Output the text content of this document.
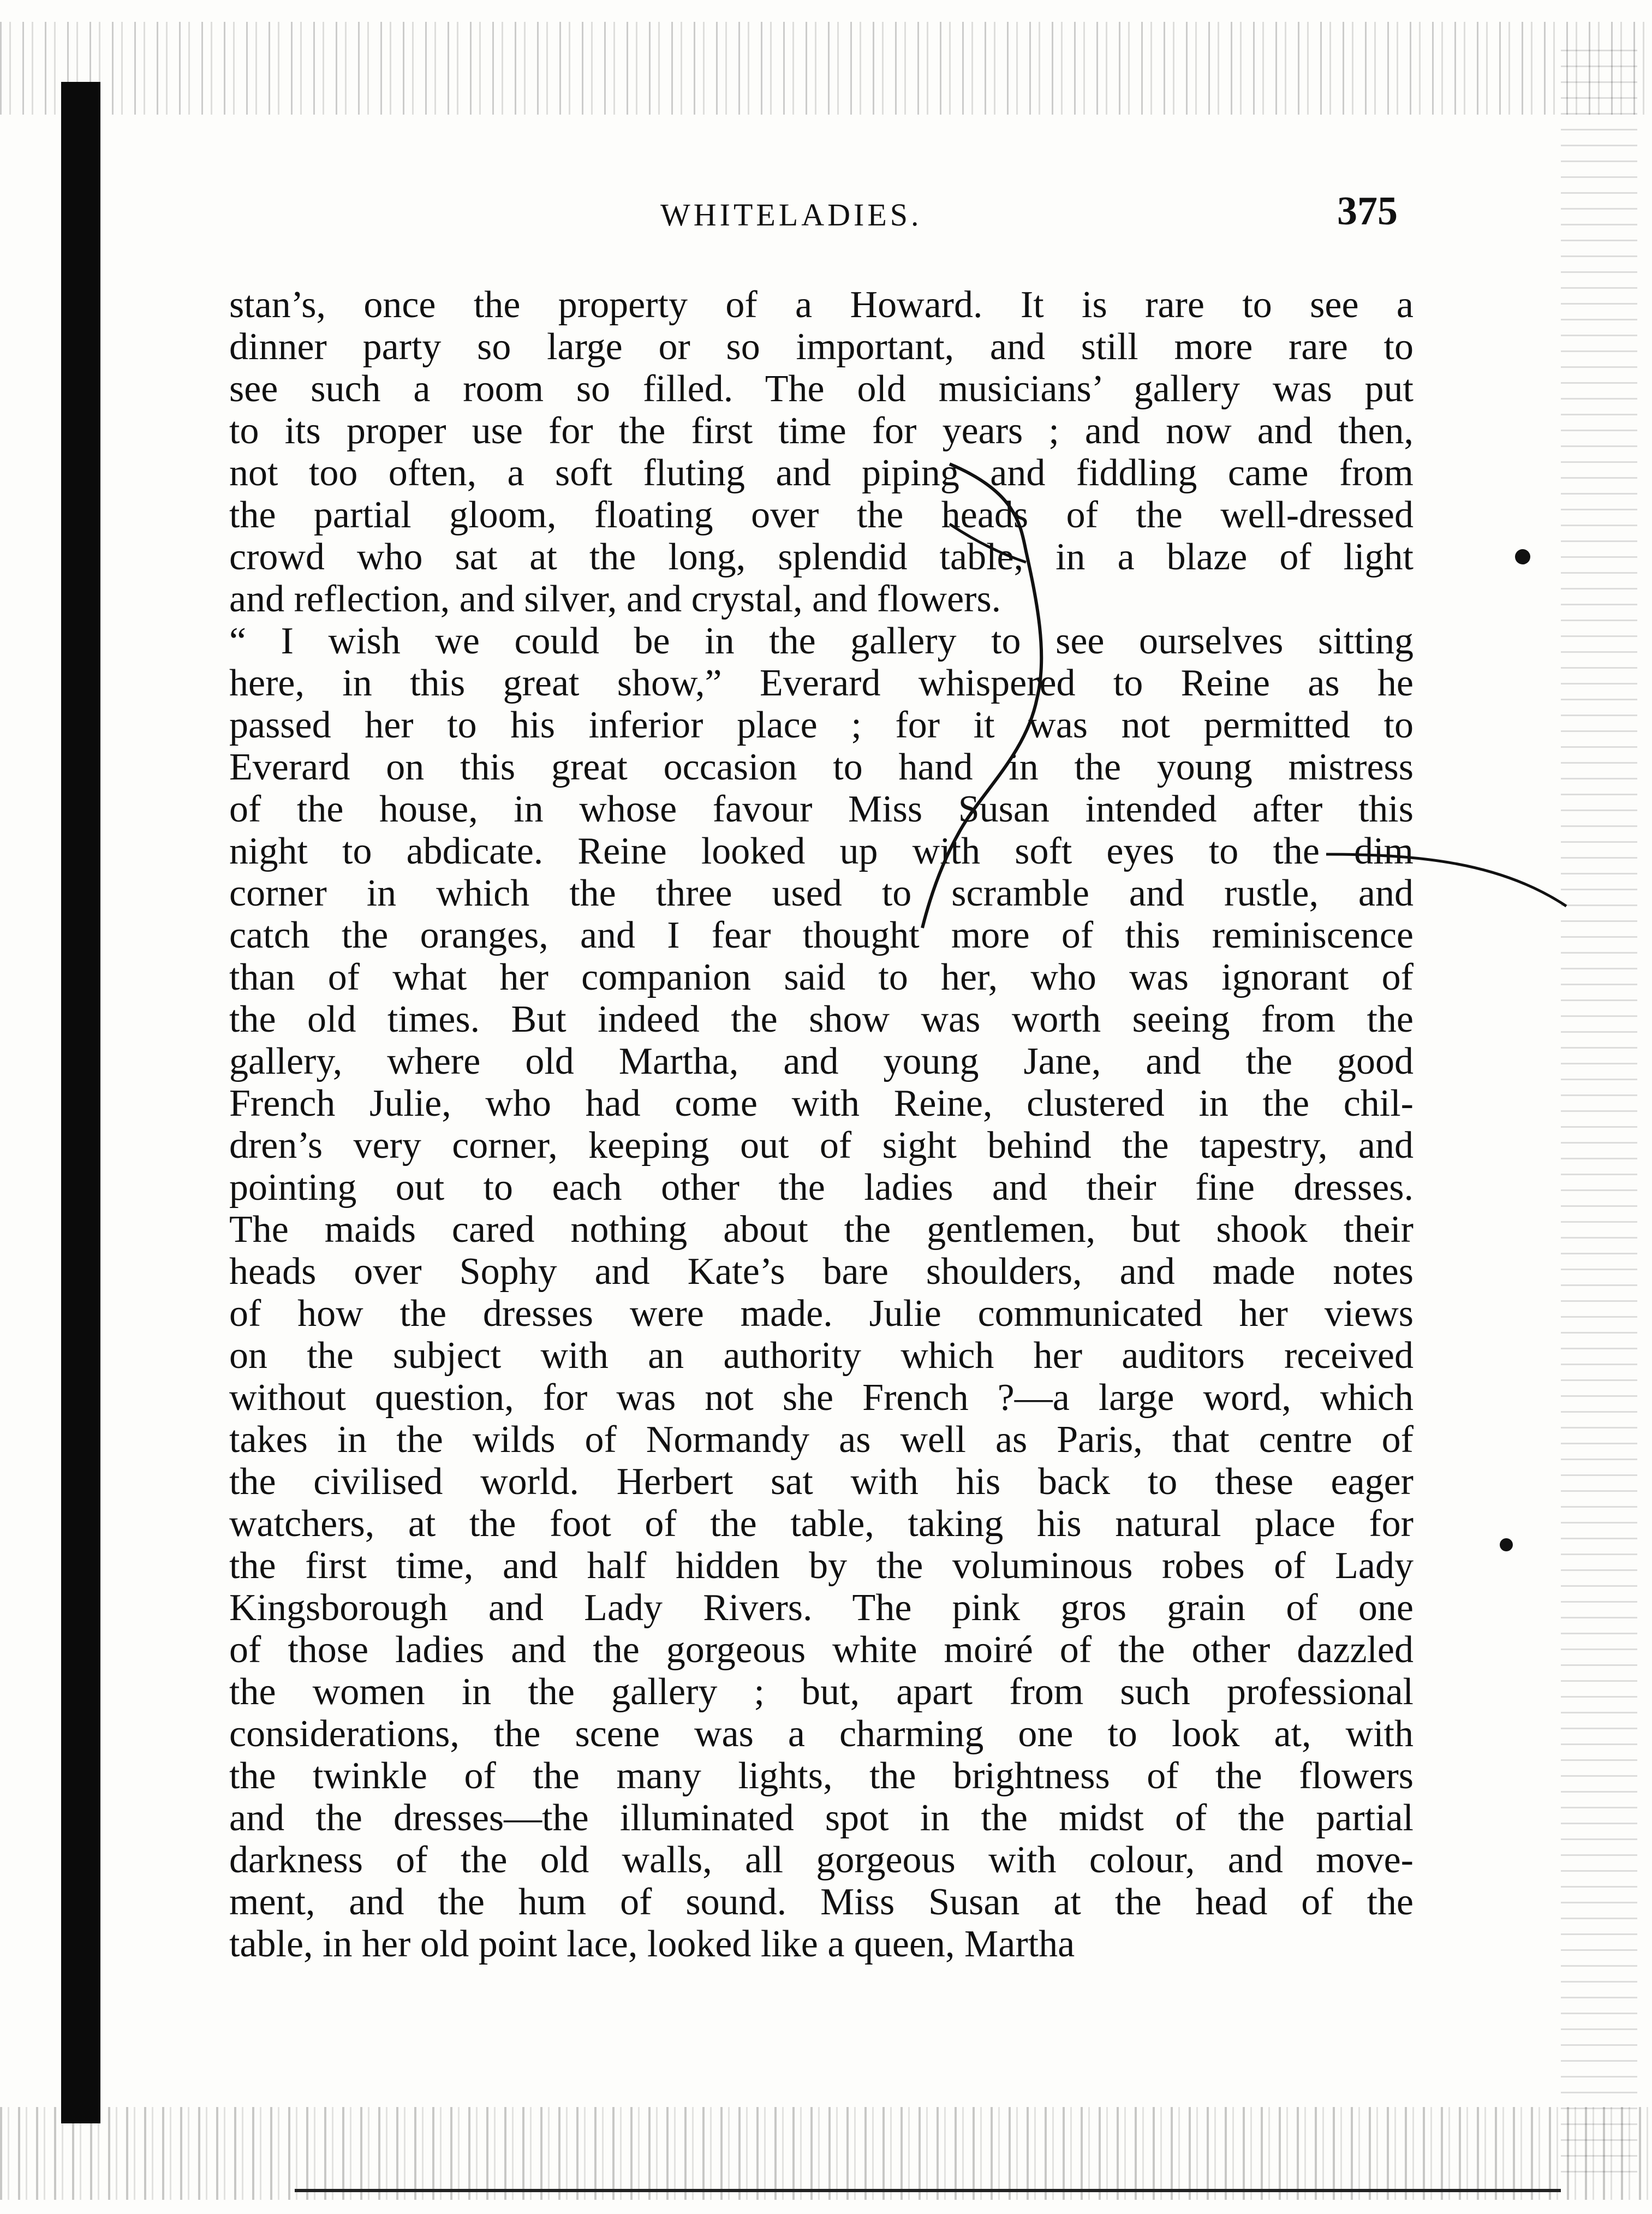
WHITELADIES.	375
stan’s, once the property of a Howard. It is rare to see a
dinner party so large or so important, and still more rare to
see such a room so filled. The old musicians’ gallery was put
to its proper use for the first time for years ; and now and then,
not too often, a soft fluting and piping and fiddling came from
the partial gloom, floating over the heads of the well-dressed
crowd who sat at the long, splendid table, in a blaze of light
and reflection, and silver, and crystal, and flowers.
“ I wish we could be in the gallery to see ourselves sitting
here, in this great show,” Everard whispered to Reine as he
passed her to his inferior place ; for it was not permitted to
Everard on this great occasion to hand in the young mistress
of the house, in whose favour Miss Susan intended after this
night to abdicate. Reine looked up with soft eyes to the dim
corner in which the three used to scramble and rustle, and
catch the oranges, and I fear thought more of this reminiscence
than of what her companion said to her, who was ignorant of
the old times. But indeed the show was worth seeing from the
gallery, where old Martha, and young Jane, and the good
French Julie, who had come with Reine, clustered in the chil-
dren’s very corner, keeping out of sight behind the tapestry, and
pointing out to each other the ladies and their fine dresses.
The maids cared nothing about the gentlemen, but shook their
heads over Sophy and Kate’s bare shoulders, and made notes
of how the dresses were made. Julie communicated her views
on the subject with an authority which her auditors received
without question, for was not she French ?—a large word, which
takes in the wilds of Normandy as well as Paris, that centre of
the civilised world. Herbert sat with his back to these eager
watchers, at the foot of the table, taking his natural place for
the first time, and half hidden by the voluminous robes of Lady
Kingsborough and Lady Rivers. The pink gros grain of one
of those ladies and the gorgeous white moiré of the other dazzled
the women in the gallery ; but, apart from such professional
considerations, the scene was a charming one to look at, with
the twinkle of the many lights, the brightness of the flowers
and the dresses—the illuminated spot in the midst of the partial
darkness of the old walls, all gorgeous with colour, and move-
ment, and the hum of sound. Miss Susan at the head of the
table, in her old point lace, looked like a queen, Martha
